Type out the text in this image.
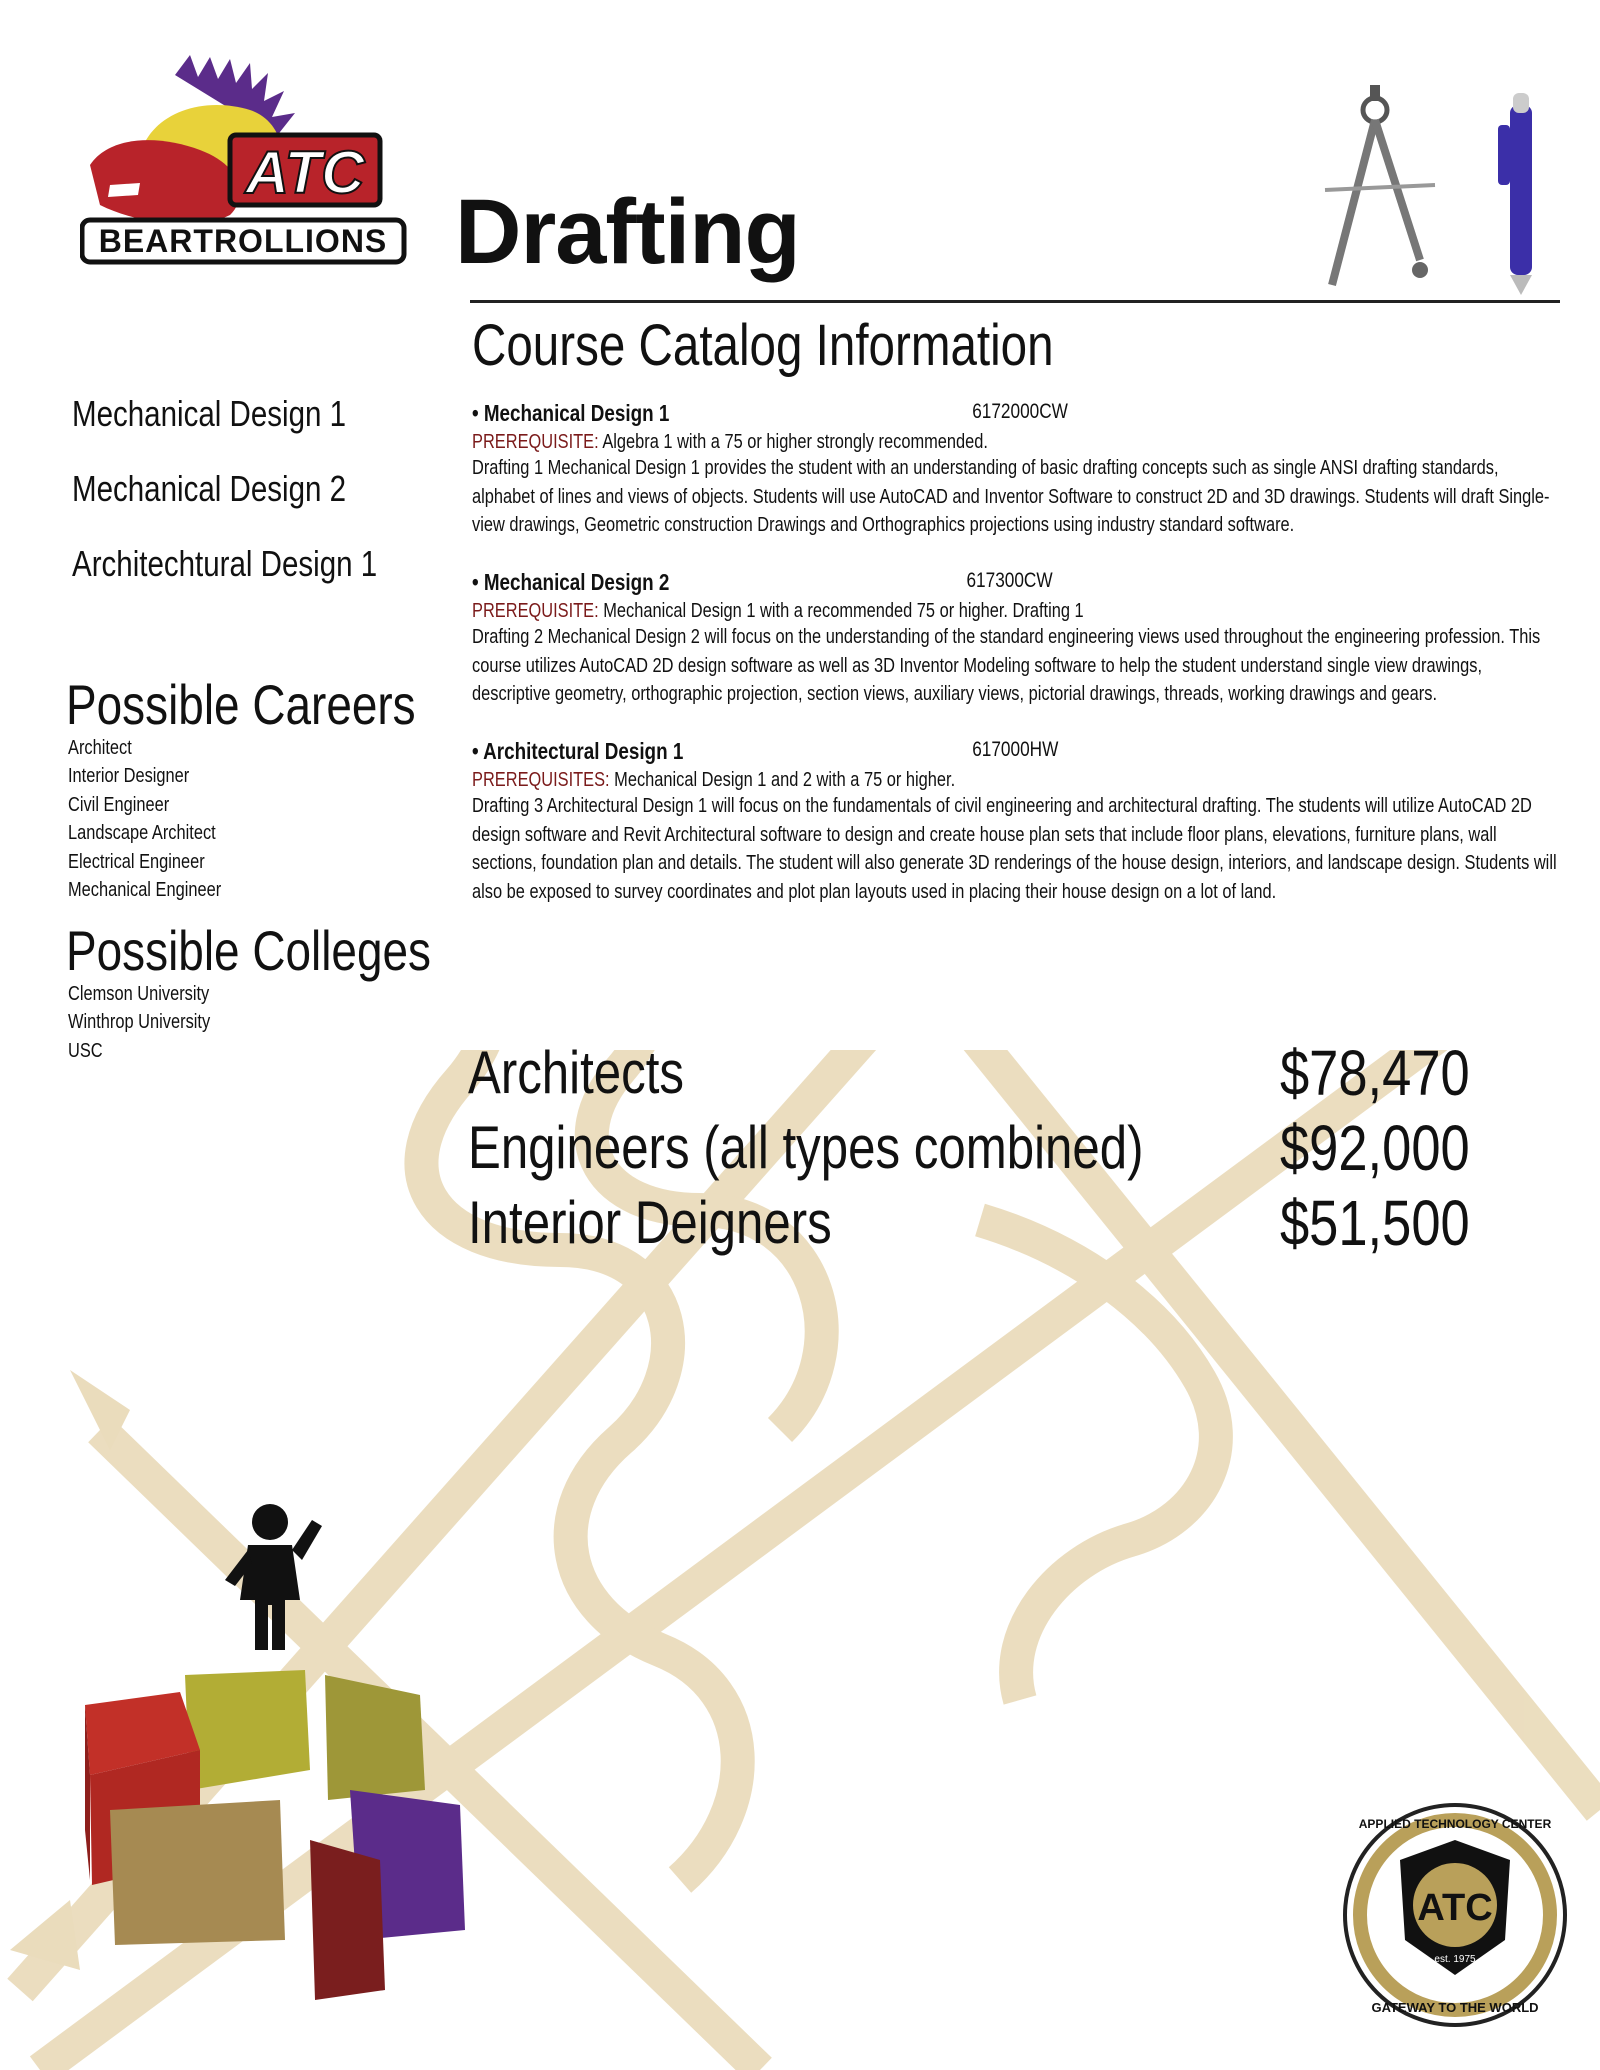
ATC
BEARTROLLIONS Drafting
Course Catalog Information
Mechanical Design 1
Mechanical Design 2
Architechtural Design 1
Possible Careers
Architect
Interior Designer
Civil Engineer
Landscape Architect
Electrical Engineer
Mechanical Engineer
Possible Colleges
Clemson University
Winthrop University
USC
• Mechanical Design 1	6172000CW
PREREQUISITE: Algebra 1 with a 75 or higher strongly recommended.
Drafting 1 Mechanical Design 1 provides the student with an understanding of basic drafting concepts such as single ANSI drafting standards, alphabet of lines and views of objects. Students will use AutoCAD and Inventor Software to construct 2D and 3D drawings. Students will draft Single-view drawings, Geometric construction Drawings and Orthographics projections using industry standard software.
• Mechanical Design 2	617300CW
PREREQUISITE: Mechanical Design 1 with a recommended 75 or higher. Drafting 1
Drafting 2 Mechanical Design 2 will focus on the understanding of the standard engineering views used throughout the engineering profession. This course utilizes AutoCAD 2D design software as well as 3D Inventor Modeling software to help the student understand single view drawings, descriptive geometry, orthographic projection, section views, auxiliary views, pictorial drawings, threads, working drawings and gears.
• Architectural Design 1	617000HW
PREREQUISITES: Mechanical Design 1 and 2 with a 75 or higher.
Drafting 3 Architectural Design 1 will focus on the fundamentals of civil engineering and architectural drafting. The students will utilize AutoCAD 2D design software and Revit Architectural software to design and create house plan sets that include floor plans, elevations, furniture plans, wall sections, foundation plan and details. The student will also generate 3D renderings of the house design, interiors, and landscape design. Students will also be exposed to survey coordinates and plot plan layouts used in placing their house design on a lot of land.
Architects	$78,470
Engineers (all types combined) $92,000
Interior Deigners	$51,500
ATC
est. 1975
APPLIED TECHNOLOGY CENTER
GATEWAY TO THE WORLD
